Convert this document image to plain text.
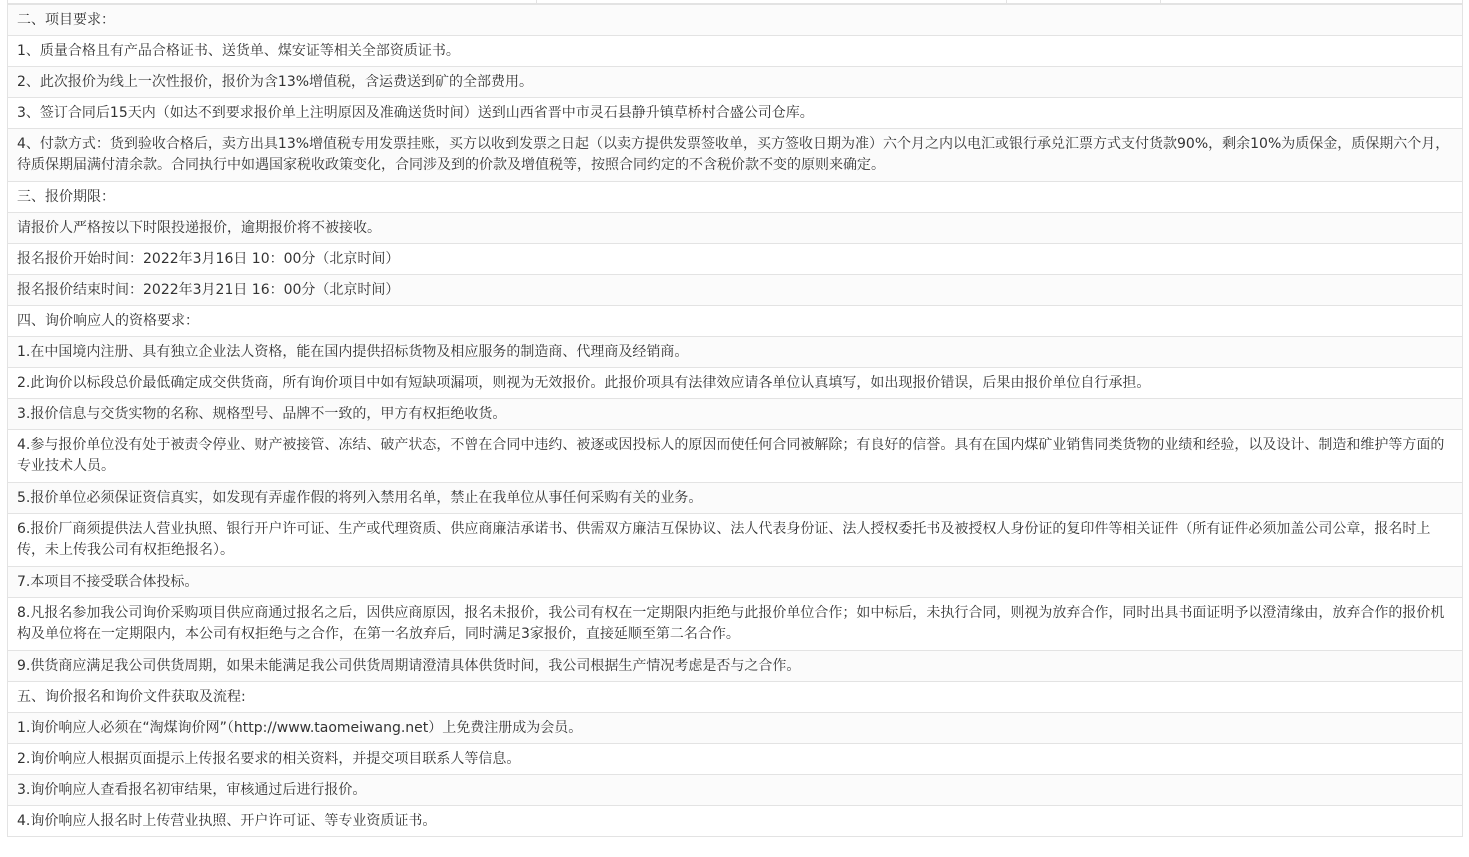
二、项目要求：
1、质量合格且有产品合格证书、送货单、煤安证等相关全部资质证书。
2、此次报价为线上一次性报价，报价为含13%增值税，含运费送到矿的全部费用。
3、签订合同后15天内（如达不到要求报价单上注明原因及准确送货时间）送到山西省晋中市灵石县静升镇草桥村合盛公司仓库。
4、付款方式：货到验收合格后，卖方出具13%增值税专用发票挂账，买方以收到发票之日起（以卖方提供发票签收单，买方签收日期为准）六个月之内以电汇或银行承兑汇票方式支付货款90%，剩余10%为质保金，质保期六个月，待质保期届满付清余款。合同执行中如遇国家税收政策变化，合同涉及到的价款及增值税等，按照合同约定的不含税价款不变的原则来确定。
三、报价期限：
请报价人严格按以下时限投递报价，逾期报价将不被接收。
报名报价开始时间：2022年3月16日 10：00分（北京时间）
报名报价结束时间：2022年3月21日 16：00分（北京时间）
四、询价响应人的资格要求：
1.在中国境内注册、具有独立企业法人资格，能在国内提供招标货物及相应服务的制造商、代理商及经销商。
2.此询价以标段总价最低确定成交供货商，所有询价项目中如有短缺项漏项，则视为无效报价。此报价项具有法律效应请各单位认真填写，如出现报价错误，后果由报价单位自行承担。
3.报价信息与交货实物的名称、规格型号、品牌不一致的，甲方有权拒绝收货。
4.参与报价单位没有处于被责令停业、财产被接管、冻结、破产状态，不曾在合同中违约、被逐或因投标人的原因而使任何合同被解除；有良好的信誉。具有在国内煤矿业销售同类货物的业绩和经验，以及设计、制造和维护等方面的专业技术人员。
5.报价单位必须保证资信真实，如发现有弄虚作假的将列入禁用名单，禁止在我单位从事任何采购有关的业务。
6.报价厂商须提供法人营业执照、银行开户许可证、生产或代理资质、供应商廉洁承诺书、供需双方廉洁互保协议、法人代表身份证、法人授权委托书及被授权人身份证的复印件等相关证件（所有证件必须加盖公司公章，报名时上传，未上传我公司有权拒绝报名）。
7.本项目不接受联合体投标。
8.凡报名参加我公司询价采购项目供应商通过报名之后，因供应商原因，报名未报价，我公司有权在一定期限内拒绝与此报价单位合作；如中标后，未执行合同，则视为放弃合作，同时出具书面证明予以澄清缘由，放弃合作的报价机构及单位将在一定期限内，本公司有权拒绝与之合作，在第一名放弃后，同时满足3家报价，直接延顺至第二名合作。
9.供货商应满足我公司供货周期，如果未能满足我公司供货周期请澄清具体供货时间，我公司根据生产情况考虑是否与之合作。
五、询价报名和询价文件获取及流程:
1.询价响应人必须在“淘煤询价网”（http://www.taomeiwang.net）上免费注册成为会员。
2.询价响应人根据页面提示上传报名要求的相关资料，并提交项目联系人等信息。
3.询价响应人查看报名初审结果，审核通过后进行报价。
4.询价响应人报名时上传营业执照、开户许可证、等专业资质证书。
